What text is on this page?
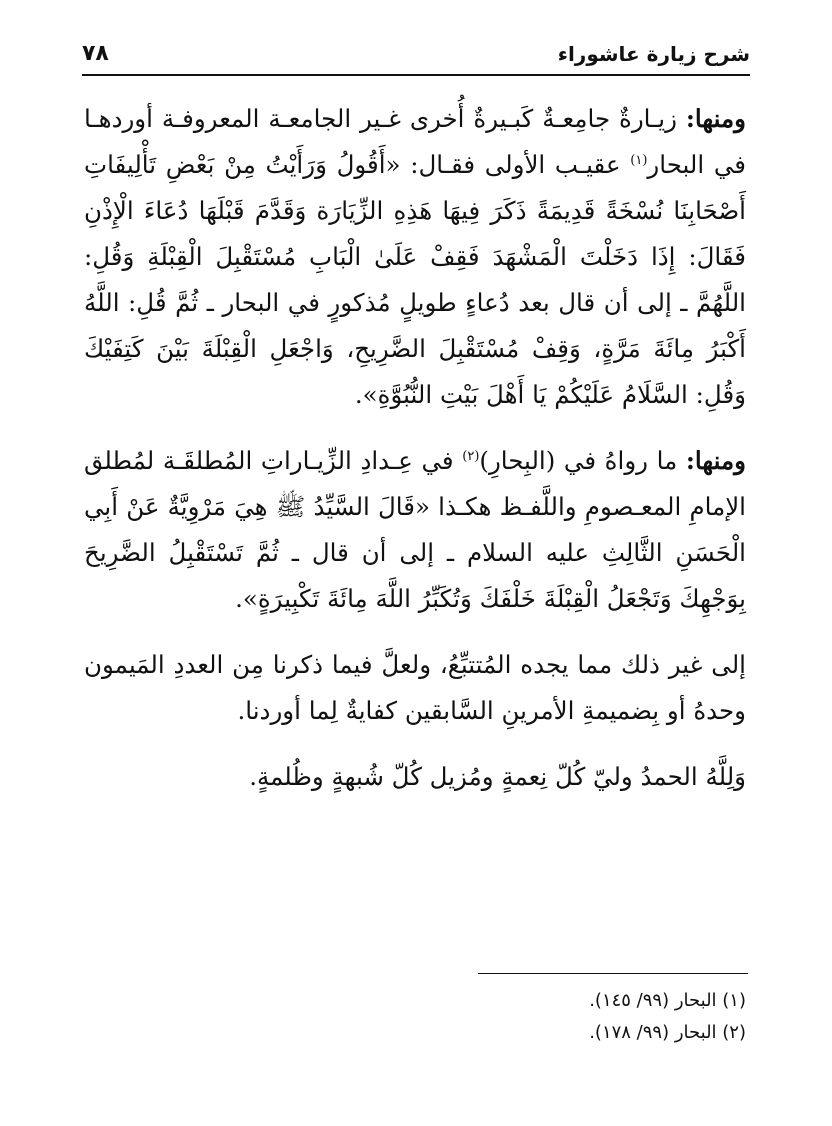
شرح زيارة عاشوراء
٧٨

ومنها: زيـارةٌ جامِعـةٌ كَبـيرةٌ أُخرى غـير الجامعـة المعروفـة أوردهـا في البحار$^{(١)}$ عقيـب الأولى فقـال: «أَقُولُ وَرَأَيْتُ مِنْ بَعْضِ تَأْلِيفَاتِ أَصْحَابِنَا نُسْخَةً قَدِيمَةً ذَكَرَ فِيهَا هَذِهِ الزِّيَارَة وَقَدَّمَ قَبْلَهَا دُعَاءَ الْإِذْنِ فَقَالَ: إِذَا دَخَلْتَ الْمَشْهَدَ فَقِفْ عَلَىٰ الْبَابِ مُسْتَقْبِلَ الْقِبْلَةِ وَقُلِ: اللَّهُمَّ ـ إلى أن قال بعد دُعاءٍ طويلٍ مُذكورٍ في البحار ـ ثُمَّ قُلِ: اللَّهُ أَكْبَرُ مِائَةَ مَرَّةٍ، وَقِفْ مُسْتَقْبِلَ الضَّرِيحِ، وَاجْعَلِ الْقِبْلَةَ بَيْنَ كَتِفَيْكَ وَقُلِ: السَّلَامُ عَلَيْكُمْ يَا أَهْلَ بَيْتِ النُّبُوَّةِ».

ومنها: ما رواهُ في (البِحارِ)$^{(٢)}$ في عِـدادِ الزِّيـاراتِ المُطلقَـة لمُطلق الإمامِ المعـصومِ واللَّفـظ هكـذا «قَالَ السَّيِّدُ ﷺ هِيَ مَرْوِيَّةٌ عَنْ أَبِي الْحَسَنِ الثَّالِثِ عليه السلام ـ إلى أن قال ـ ثُمَّ تَسْتَقْبِلُ الضَّرِيحَ بِوَجْهِكَ وَتَجْعَلُ الْقِبْلَةَ خَلْفَكَ وَتُكَبِّرُ اللَّهَ مِائَةَ تَكْبِيرَةٍ».

إلى غير ذلك مما يجده المُتتبِّعُ، ولعلَّ فيما ذكرنا مِن العددِ المَيمون وحدهُ أو بِضميمةِ الأمرينِ السَّابقين كفايةٌ لِما أوردنا.

وَلِلَّهُ الحمدُ وليّ كُلّ نِعمةٍ ومُزيل كُلّ شُبهةٍ وظُلمةٍ.

(١) البحار (٩٩/ ١٤٥).

(٢) البحار (٩٩/ ١٧٨).
